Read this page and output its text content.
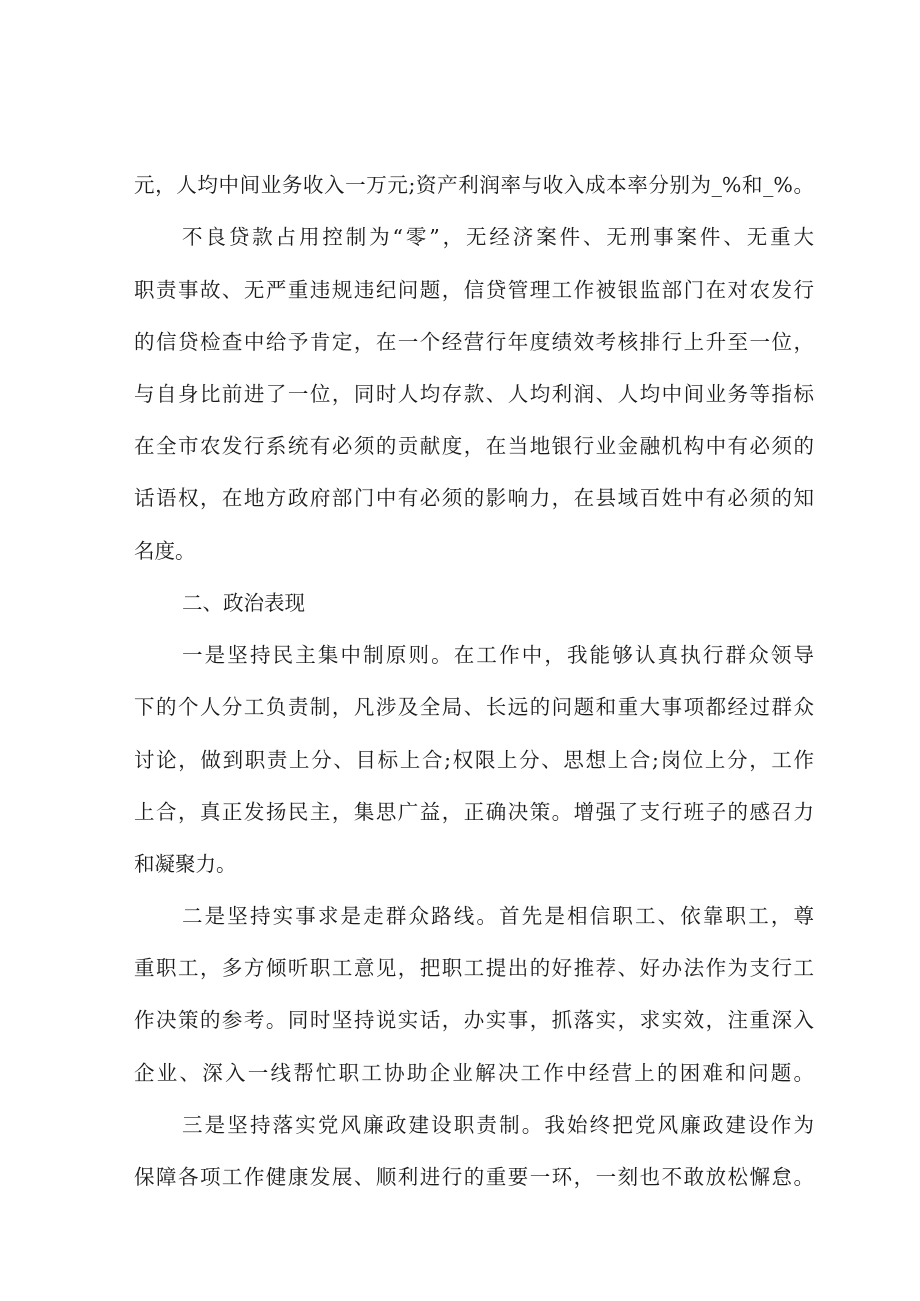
元，人均中间业务收入一万元;资产利润率与收入成本率分别为_%和_%。
不良贷款占用控制为“零”，无经济案件、无刑事案件、无重大
职责事故、无严重违规违纪问题，信贷管理工作被银监部门在对农发行
的信贷检查中给予肯定，在一个经营行年度绩效考核排行上升至一位，
与自身比前进了一位，同时人均存款、人均利润、人均中间业务等指标
在全市农发行系统有必须的贡献度，在当地银行业金融机构中有必须的
话语权，在地方政府部门中有必须的影响力，在县域百姓中有必须的知
名度。
二、政治表现
一是坚持民主集中制原则。在工作中，我能够认真执行群众领导
下的个人分工负责制，凡涉及全局、长远的问题和重大事项都经过群众
讨论，做到职责上分、目标上合;权限上分、思想上合;岗位上分，工作
上合，真正发扬民主，集思广益，正确决策。增强了支行班子的感召力
和凝聚力。
二是坚持实事求是走群众路线。首先是相信职工、依靠职工，尊
重职工，多方倾听职工意见，把职工提出的好推荐、好办法作为支行工
作决策的参考。同时坚持说实话，办实事，抓落实，求实效，注重深入
企业、深入一线帮忙职工协助企业解决工作中经营上的困难和问题。
三是坚持落实党风廉政建设职责制。我始终把党风廉政建设作为
保障各项工作健康发展、顺利进行的重要一环，一刻也不敢放松懈怠。
